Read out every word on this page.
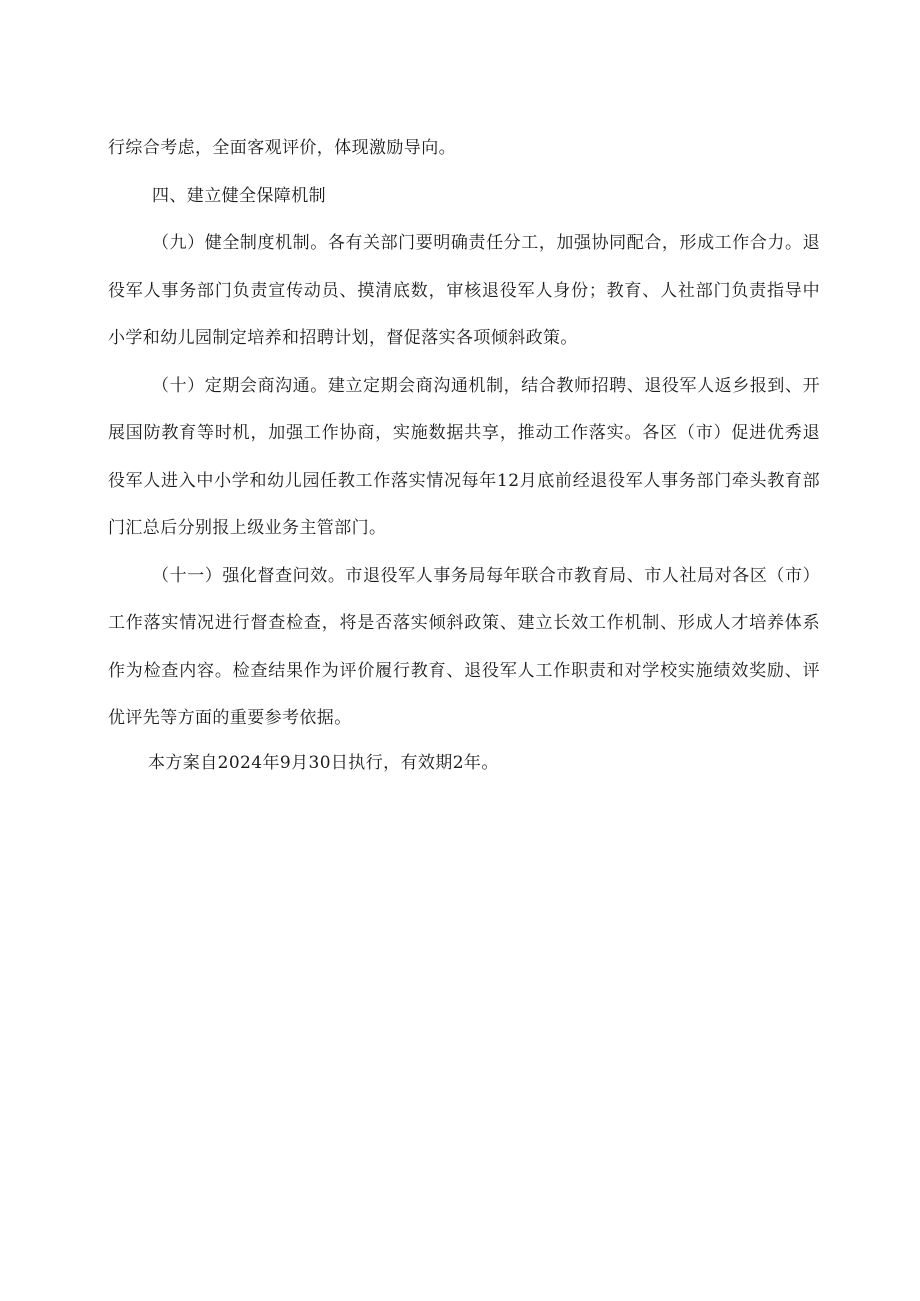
行综合考虑，全面客观评价，体现激励导向。

四、建立健全保障机制

（九）健全制度机制。各有关部门要明确责任分工，加强协同配合，形成工作合力。退役军人事务部门负责宣传动员、摸清底数，审核退役军人身份；教育、人社部门负责指导中小学和幼儿园制定培养和招聘计划，督促落实各项倾斜政策。

（十）定期会商沟通。建立定期会商沟通机制，结合教师招聘、退役军人返乡报到、开展国防教育等时机，加强工作协商，实施数据共享，推动工作落实。各区（市）促进优秀退役军人进入中小学和幼儿园任教工作落实情况每年12月底前经退役军人事务部门牵头教育部门汇总后分别报上级业务主管部门。

（十一）强化督查问效。市退役军人事务局每年联合市教育局、市人社局对各区（市）工作落实情况进行督查检查，将是否落实倾斜政策、建立长效工作机制、形成人才培养体系作为检查内容。检查结果作为评价履行教育、退役军人工作职责和对学校实施绩效奖励、评优评先等方面的重要参考依据。

本方案自2024年9月30日执行，有效期2年。
